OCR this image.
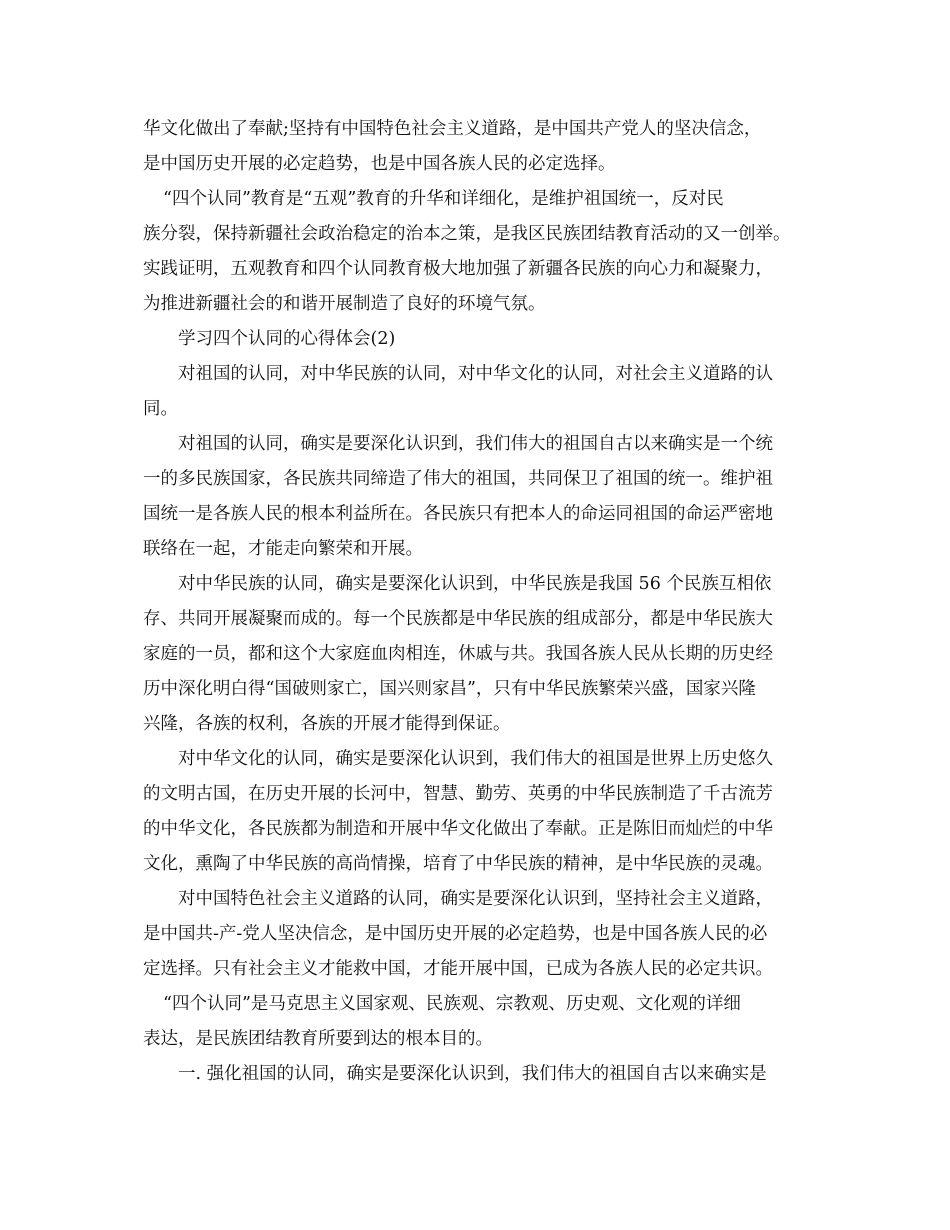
华文化做出了奉献;坚持有中国特色社会主义道路，是中国共产党人的坚决信念，
是中国历史开展的必定趋势，也是中国各族人民的必定选择。
“四个认同”教育是“五观”教育的升华和详细化，是维护祖国统一，反对民
族分裂，保持新疆社会政治稳定的治本之策，是我区民族团结教育活动的又一创举。
实践证明，五观教育和四个认同教育极大地加强了新疆各民族的向心力和凝聚力，
为推进新疆社会的和谐开展制造了良好的环境气氛。
学习四个认同的心得体会(2)
对祖国的认同，对中华民族的认同，对中华文化的认同，对社会主义道路的认
同。
对祖国的认同，确实是要深化认识到，我们伟大的祖国自古以来确实是一个统
一的多民族国家，各民族共同缔造了伟大的祖国，共同保卫了祖国的统一。维护祖
国统一是各族人民的根本利益所在。各民族只有把本人的命运同祖国的命运严密地
联络在一起，才能走向繁荣和开展。
对中华民族的认同，确实是要深化认识到，中华民族是我国 56 个民族互相依
存、共同开展凝聚而成的。每一个民族都是中华民族的组成部分，都是中华民族大
家庭的一员，都和这个大家庭血肉相连，休戚与共。我国各族人民从长期的历史经
历中深化明白得“国破则家亡，国兴则家昌”，只有中华民族繁荣兴盛，国家兴隆
兴隆，各族的权利，各族的开展才能得到保证。
对中华文化的认同，确实是要深化认识到，我们伟大的祖国是世界上历史悠久
的文明古国，在历史开展的长河中，智慧、勤劳、英勇的中华民族制造了千古流芳
的中华文化，各民族都为制造和开展中华文化做出了奉献。正是陈旧而灿烂的中华
文化，熏陶了中华民族的高尚情操，培育了中华民族的精神，是中华民族的灵魂。
对中国特色社会主义道路的认同，确实是要深化认识到，坚持社会主义道路，
是中国共-产-党人坚决信念，是中国历史开展的必定趋势，也是中国各族人民的必
定选择。只有社会主义才能救中国，才能开展中国，已成为各族人民的必定共识。
“四个认同”是马克思主义国家观、民族观、宗教观、历史观、文化观的详细
表达，是民族团结教育所要到达的根本目的。
一. 强化祖国的认同，确实是要深化认识到，我们伟大的祖国自古以来确实是
